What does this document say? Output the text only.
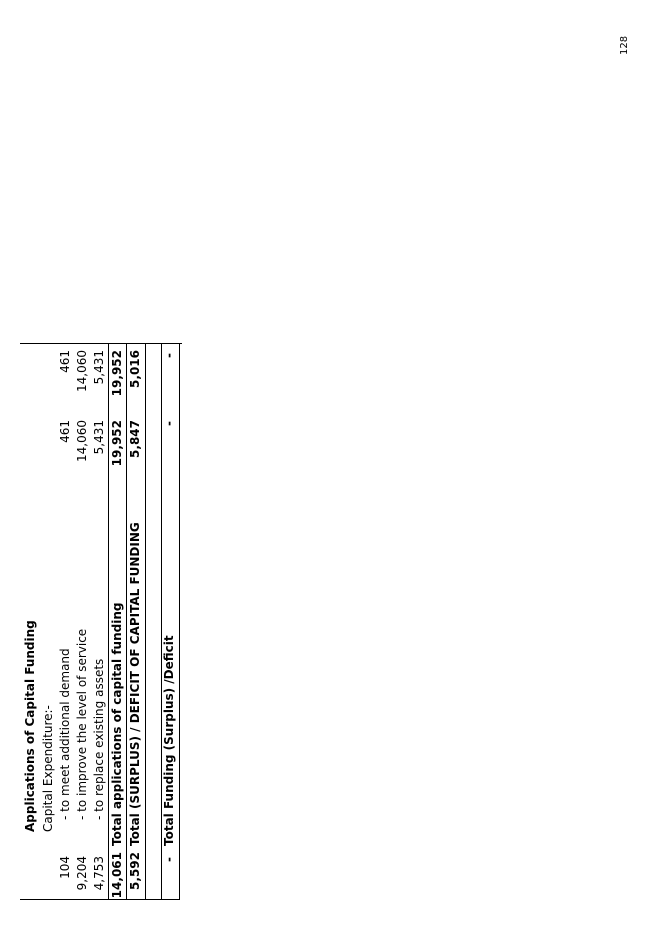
128
Applications of Capital Funding Capital Expenditure:-
104
- to meet additional demand
461
461
9,204
- to improve the level of service
14,060
14,060
4,753
- to replace existing assets
5,431
5,431
14,061
Total applications of capital funding
19,952
19,952
5,592
Total (SURPLUS) / DEFICIT OF CAPITAL FUNDING
5,847
5,016
-
Total Funding (Surplus) /Deficit
-
-
